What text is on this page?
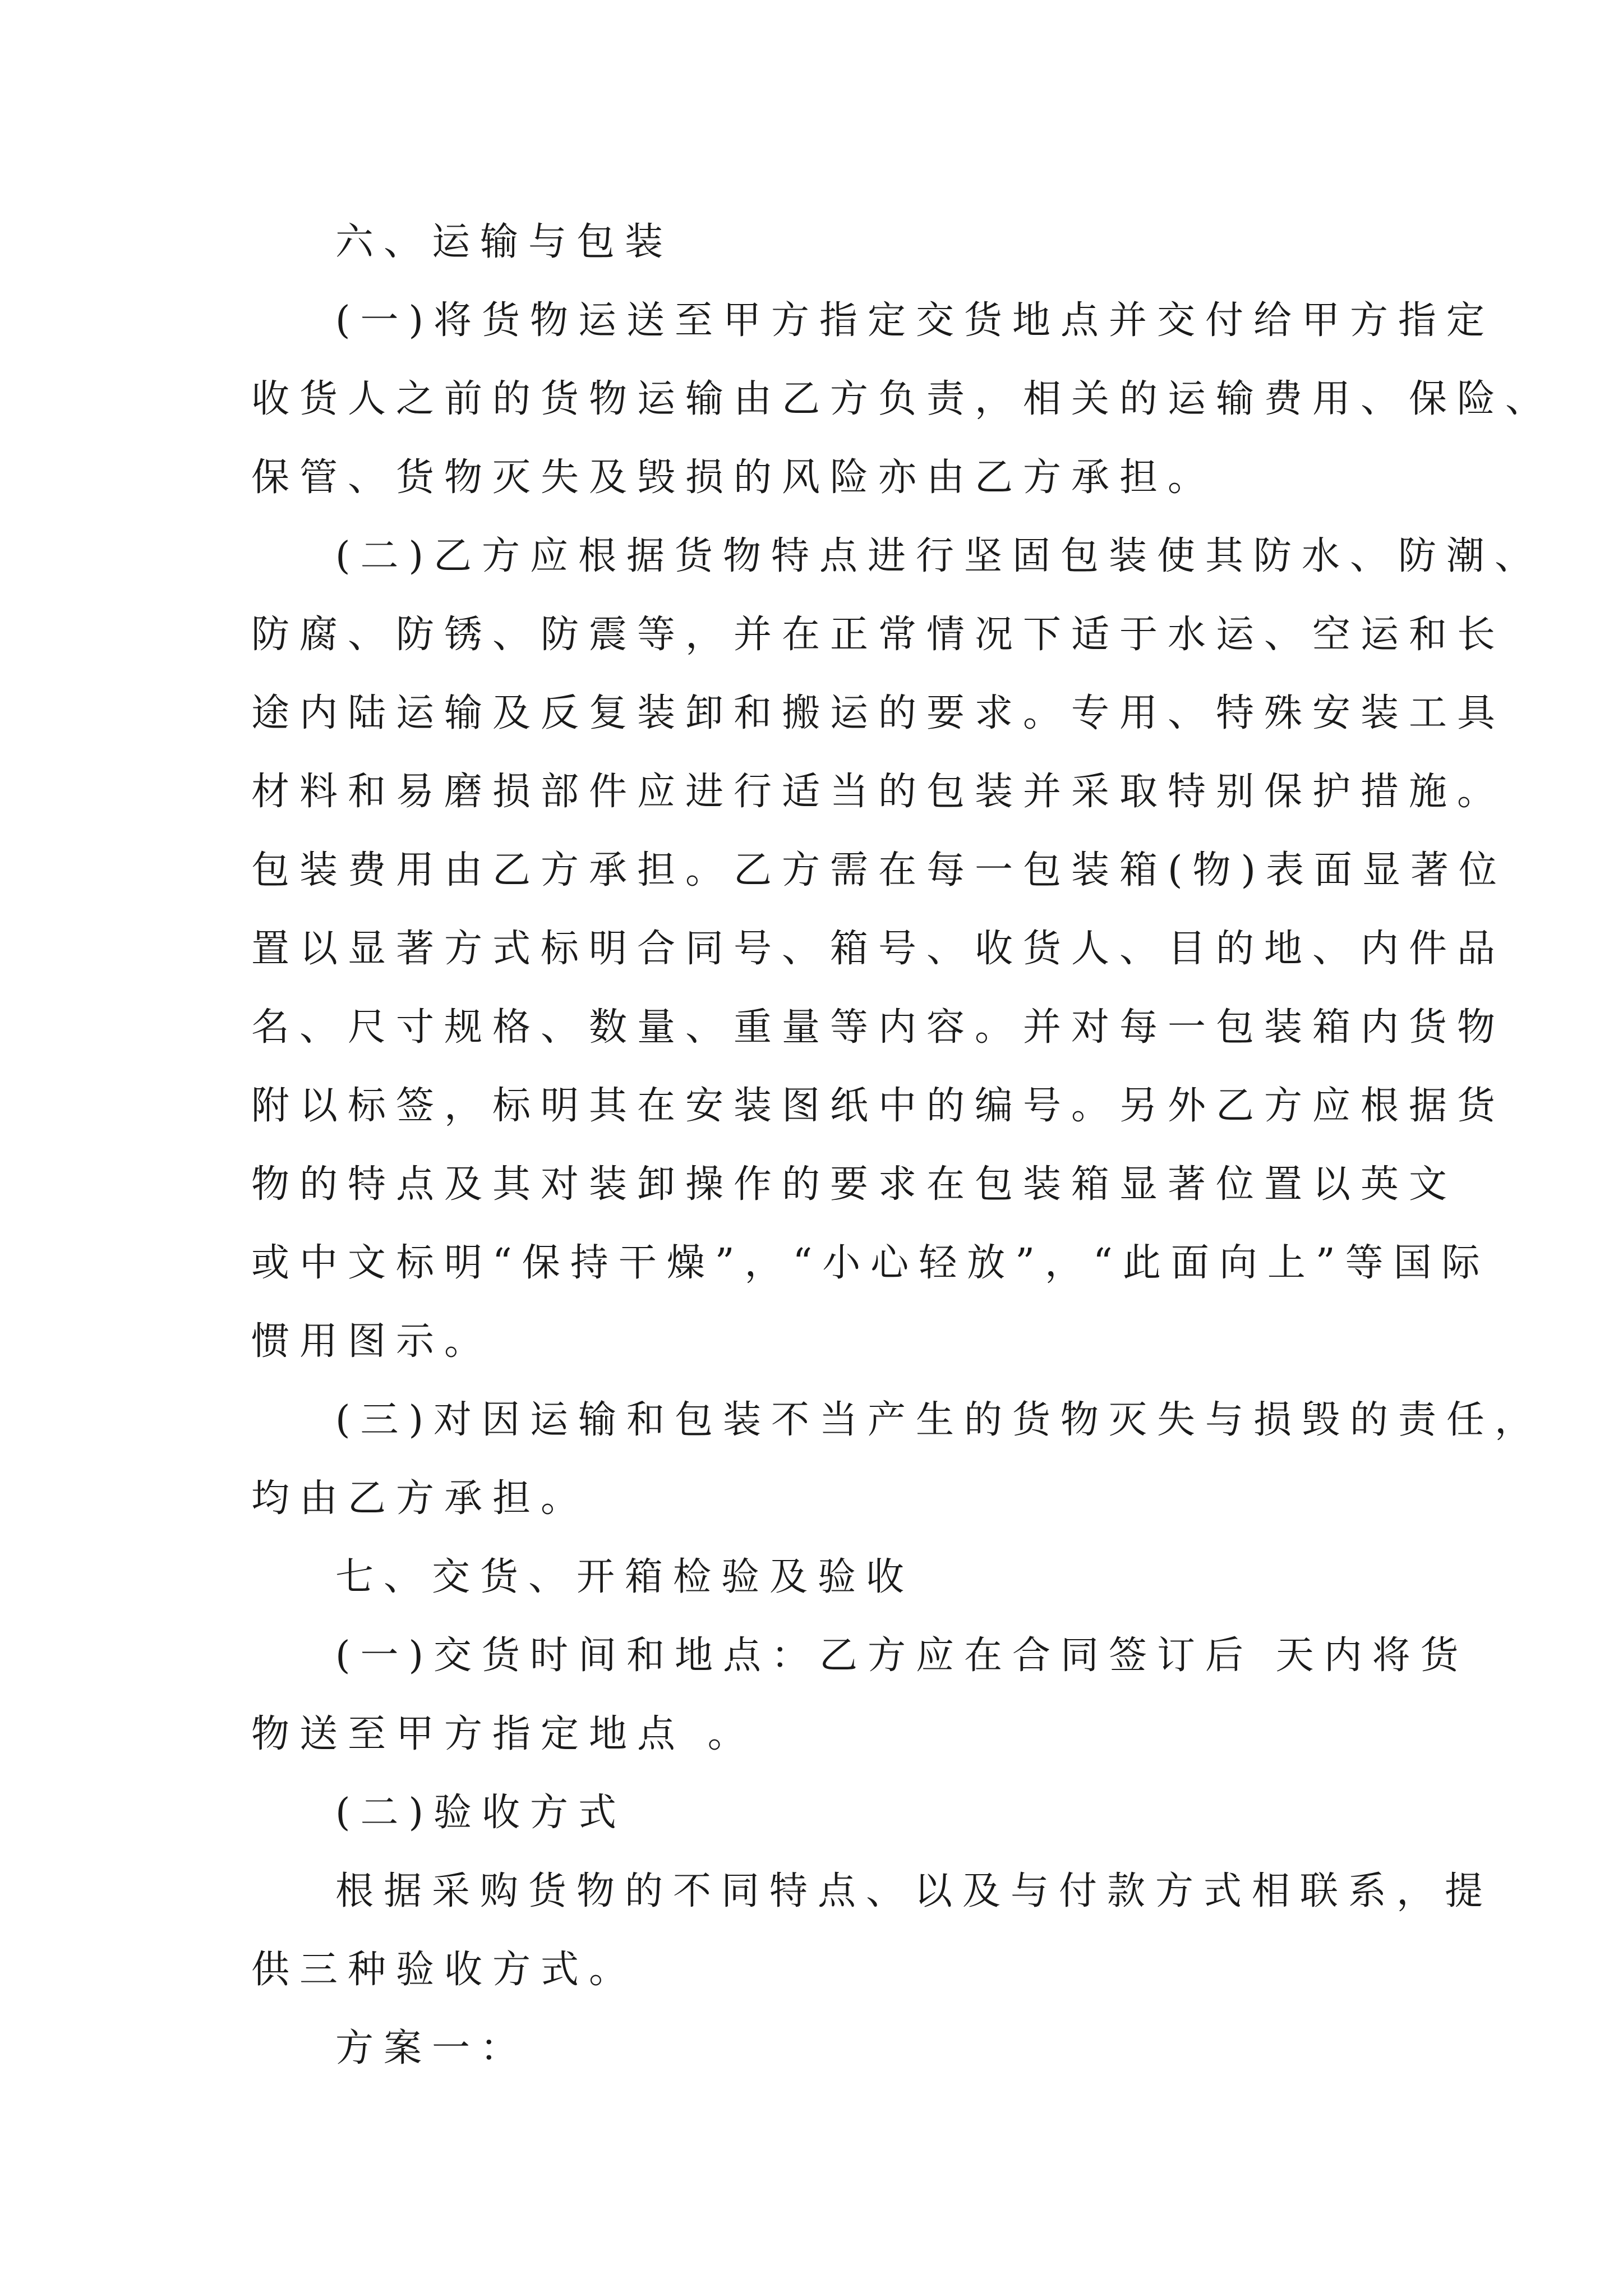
六、运输与包装

(一)将货物运送至甲方指定交货地点并交付给甲方指定

收货人之前的货物运输由乙方负责，相关的运输费用、保险、

保管、货物灭失及毁损的风险亦由乙方承担。

(二)乙方应根据货物特点进行坚固包装使其防水、防潮、

防腐、防锈、防震等，并在正常情况下适于水运、空运和长

途内陆运输及反复装卸和搬运的要求。专用、特殊安装工具

材料和易磨损部件应进行适当的包装并采取特别保护措施。

包装费用由乙方承担。乙方需在每一包装箱(物)表面显著位

置以显著方式标明合同号、箱号、收货人、目的地、内件品

名、尺寸规格、数量、重量等内容。并对每一包装箱内货物

附以标签，标明其在安装图纸中的编号。另外乙方应根据货

物的特点及其对装卸操作的要求在包装箱显著位置以英文

或中文标明“保持干燥”，“小心轻放”，“此面向上”等国际

惯用图示。

(三)对因运输和包装不当产生的货物灭失与损毁的责任，

均由乙方承担。

七、交货、开箱检验及验收

(一)交货时间和地点：乙方应在合同签订后 天内将货

物送至甲方指定地点 。

(二)验收方式

根据采购货物的不同特点、以及与付款方式相联系，提

供三种验收方式。

方案一：
